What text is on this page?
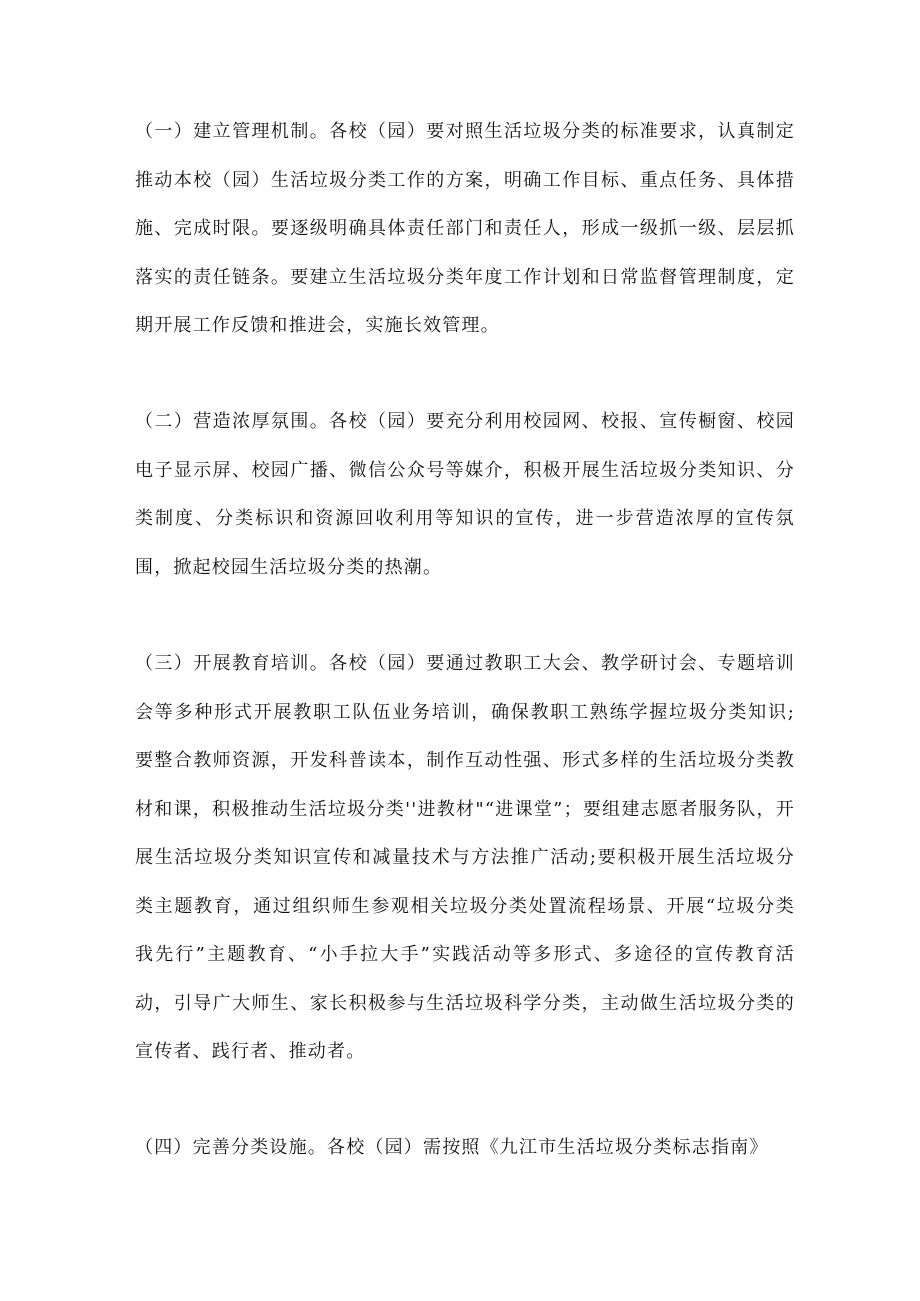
（一）建立管理机制。各校（园）要对照生活垃圾分类的标准要求，认真制定推动本校（园）生活垃圾分类工作的方案，明确工作目标、重点任务、具体措施、完成时限。要逐级明确具体责任部门和责任人，形成一级抓一级、层层抓落实的责任链条。要建立生活垃圾分类年度工作计划和日常监督管理制度，定期开展工作反馈和推进会，实施长效管理。

（二）营造浓厚氛围。各校（园）要充分利用校园网、校报、宣传橱窗、校园电子显示屏、校园广播、微信公众号等媒介，积极开展生活垃圾分类知识、分类制度、分类标识和资源回收利用等知识的宣传，进一步营造浓厚的宣传氛围，掀起校园生活垃圾分类的热潮。

（三）开展教育培训。各校（园）要通过教职工大会、教学研讨会、专题培训会等多种形式开展教职工队伍业务培训，确保教职工熟练学握垃圾分类知识;要整合教师资源，开发科普读本，制作互动性强、形式多样的生活垃圾分类教材和课，积极推动生活垃圾分类''进教材"“进课堂”；要组建志愿者服务队，开展生活垃圾分类知识宣传和减量技术与方法推广活动;要积极开展生活垃圾分类主题教育，通过组织师生参观相关垃圾分类处置流程场景、开展“垃圾分类我先行”主题教育、“小手拉大手”实践活动等多形式、多途径的宣传教育活动，引导广大师生、家长积极参与生活垃圾科学分类，主动做生活垃圾分类的宣传者、践行者、推动者。

（四）完善分类设施。各校（园）需按照《九江市生活垃圾分类标志指南》
